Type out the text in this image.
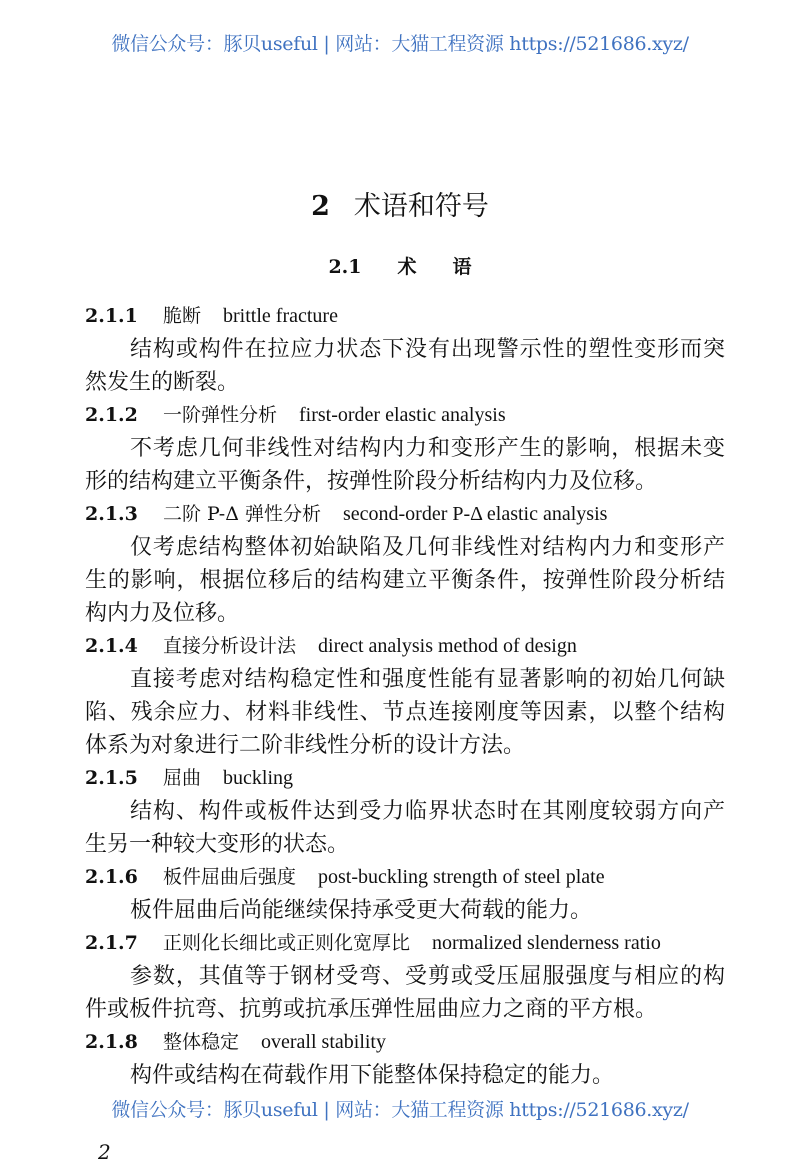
微信公众号：豚贝useful | 网站：大猫工程资源 https://521686.xyz/
2 术语和符号
2.1 术 语
2.1.1 脆断 brittle fracture
结构或构件在拉应力状态下没有出现警示性的塑性变形而突
然发生的断裂。
2.1.2 一阶弹性分析 first-order elastic analysis
不考虑几何非线性对结构内力和变形产生的影响，根据未变
形的结构建立平衡条件，按弹性阶段分析结构内力及位移。
2.1.3 二阶 P-Δ 弹性分析 second-order P-Δ elastic analysis
仅考虑结构整体初始缺陷及几何非线性对结构内力和变形产
生的影响，根据位移后的结构建立平衡条件，按弹性阶段分析结
构内力及位移。
2.1.4 直接分析设计法 direct analysis method of design
直接考虑对结构稳定性和强度性能有显著影响的初始几何缺
陷、残余应力、材料非线性、节点连接刚度等因素，以整个结构
体系为对象进行二阶非线性分析的设计方法。
2.1.5 屈曲 buckling
结构、构件或板件达到受力临界状态时在其刚度较弱方向产
生另一种较大变形的状态。
2.1.6 板件屈曲后强度 post-buckling strength of steel plate
板件屈曲后尚能继续保持承受更大荷载的能力。
2.1.7 正则化长细比或正则化宽厚比 normalized slenderness ratio
参数，其值等于钢材受弯、受剪或受压屈服强度与相应的构
件或板件抗弯、抗剪或抗承压弹性屈曲应力之商的平方根。
2.1.8 整体稳定 overall stability
构件或结构在荷载作用下能整体保持稳定的能力。
微信公众号：豚贝useful | 网站：大猫工程资源 https://521686.xyz/
2
